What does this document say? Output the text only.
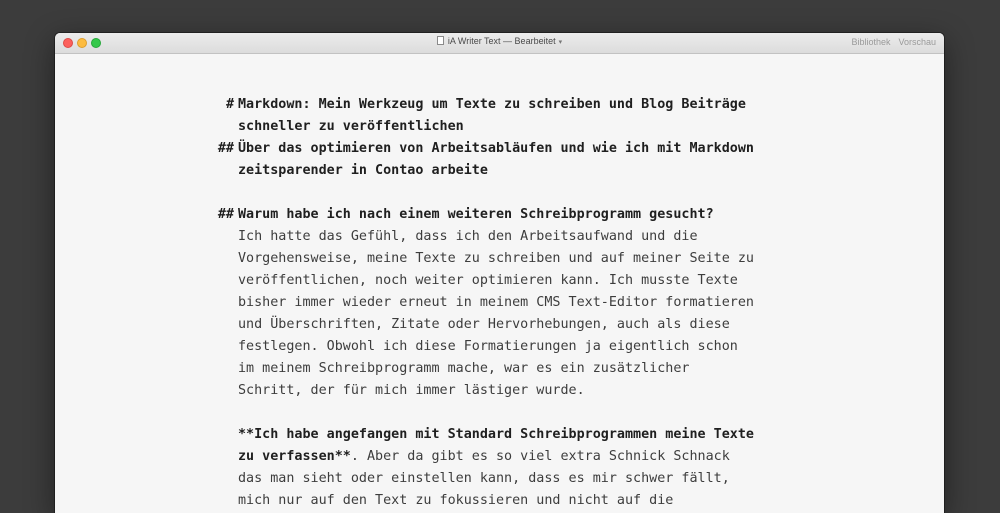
iA Writer Text — Bearbeitet ▾	Bibliothek Vorschau
# Markdown: Mein Werkzeug um Texte zu schreiben und Blog Beiträge
schneller zu veröffentlichen
## Über das optimieren von Arbeitsabläufen und wie ich mit Markdown
zeitsparender in Contao arbeite
## Warum habe ich nach einem weiteren Schreibprogramm gesucht?
Ich hatte das Gefühl, dass ich den Arbeitsaufwand und die
Vorgehensweise, meine Texte zu schreiben und auf meiner Seite zu
veröffentlichen, noch weiter optimieren kann. Ich musste Texte
bisher immer wieder erneut in meinem CMS Text-Editor formatieren
und Überschriften, Zitate oder Hervorhebungen, auch als diese
festlegen. Obwohl ich diese Formatierungen ja eigentlich schon
im meinem Schreibprogramm mache, war es ein zusätzlicher
Schritt, der für mich immer lästiger wurde.
**Ich habe angefangen mit Standard Schreibprogrammen meine Texte
zu verfassen**. Aber da gibt es so viel extra Schnick Schnack
das man sieht oder einstellen kann, dass es mir schwer fällt,
mich nur auf den Text zu fokussieren und nicht auf die
